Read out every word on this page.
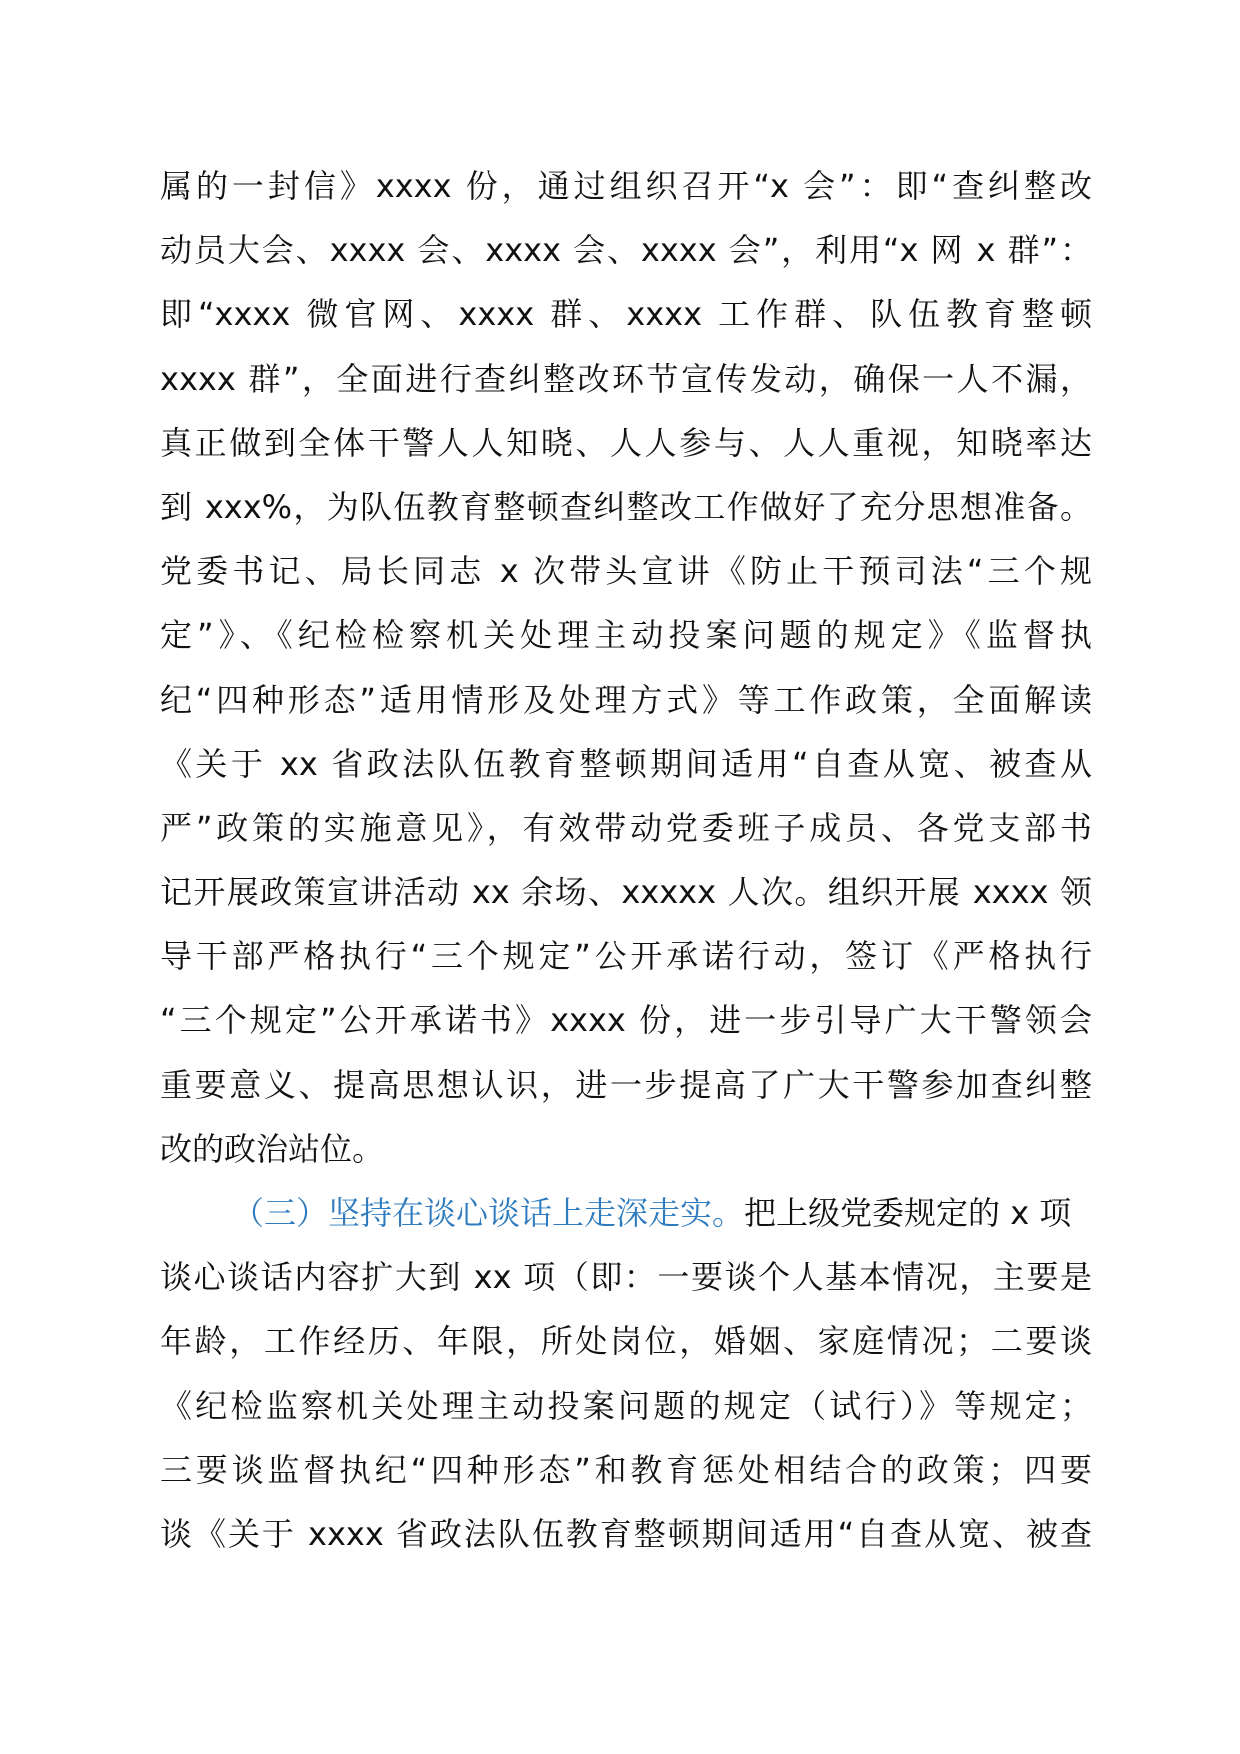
属的一封信》xxxx 份，通过组织召开“x 会”：即“查纠整改
动员大会、xxxx 会、xxxx 会、xxxx 会”，利用“x 网 x 群”：
即“xxxx 微官网、xxxx 群、xxxx 工作群、队伍教育整顿
xxxx 群”，全面进行查纠整改环节宣传发动，确保一人不漏，
真正做到全体干警人人知晓、人人参与、人人重视，知晓率达
到 xxx%，为队伍教育整顿查纠整改工作做好了充分思想准备。
党委书记、局长同志 x 次带头宣讲《防止干预司法“三个规
定”》、《纪检检察机关处理主动投案问题的规定》《监督执
纪“四种形态”适用情形及处理方式》等工作政策，全面解读
《关于 xx 省政法队伍教育整顿期间适用“自查从宽、被查从
严”政策的实施意见》，有效带动党委班子成员、各党支部书
记开展政策宣讲活动 xx 余场、xxxxx 人次。组织开展 xxxx 领
导干部严格执行“三个规定”公开承诺行动，签订《严格执行
“三个规定”公开承诺书》xxxx 份，进一步引导广大干警领会
重要意义、提高思想认识，进一步提高了广大干警参加查纠整
改的政治站位。
（三）坚持在谈心谈话上走深走实。把上级党委规定的 x 项
谈心谈话内容扩大到 xx 项（即：一要谈个人基本情况，主要是
年龄，工作经历、年限，所处岗位，婚姻、家庭情况；二要谈
《纪检监察机关处理主动投案问题的规定（试行）》等规定；
三要谈监督执纪“四种形态”和教育惩处相结合的政策；四要
谈《关于 xxxx 省政法队伍教育整顿期间适用“自查从宽、被查
